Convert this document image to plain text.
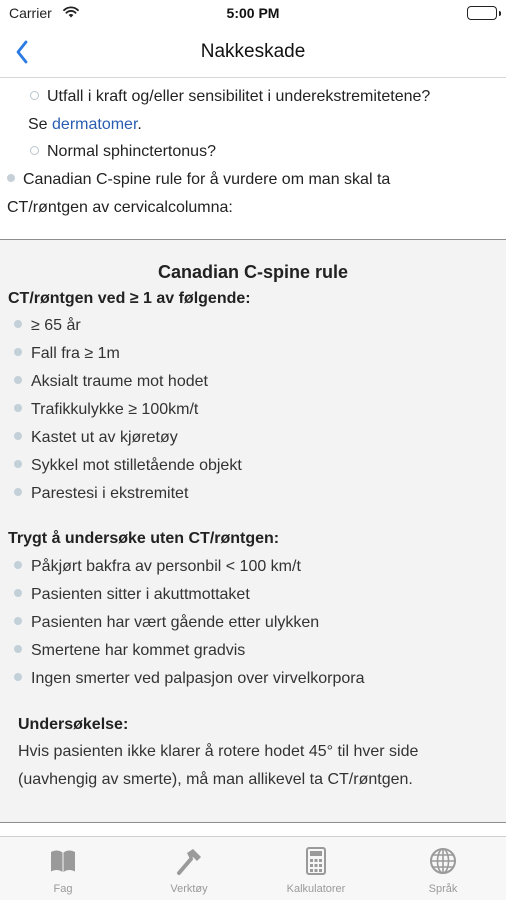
Carrier	5:00 PM
Nakkeskade
Utfall i kraft og/eller sensibilitet i underekstremitetene?
Se dermatomer.
Normal sphinctertonus?
Canadian C-spine rule for å vurdere om man skal ta
CT/røntgen av cervicalcolumna:
Canadian C-spine rule
CT/røntgen ved ≥ 1 av følgende:
≥ 65 år
Fall fra ≥ 1m
Aksialt traume mot hodet
Trafikkulykke ≥ 100km/t
Kastet ut av kjøretøy
Sykkel mot stilletående objekt
Parestesi i ekstremitet
Trygt å undersøke uten CT/røntgen:
Påkjørt bakfra av personbil < 100 km/t
Pasienten sitter i akuttmottaket
Pasienten har vært gående etter ulykken
Smertene har kommet gradvis
Ingen smerter ved palpasjon over virvelkorpora
Undersøkelse:
Hvis pasienten ikke klarer å rotere hodet 45° til hver side
(uavhengig av smerte), må man allikevel ta CT/røntgen.
Fag	Verktøy	Kalkulatorer	Språk
